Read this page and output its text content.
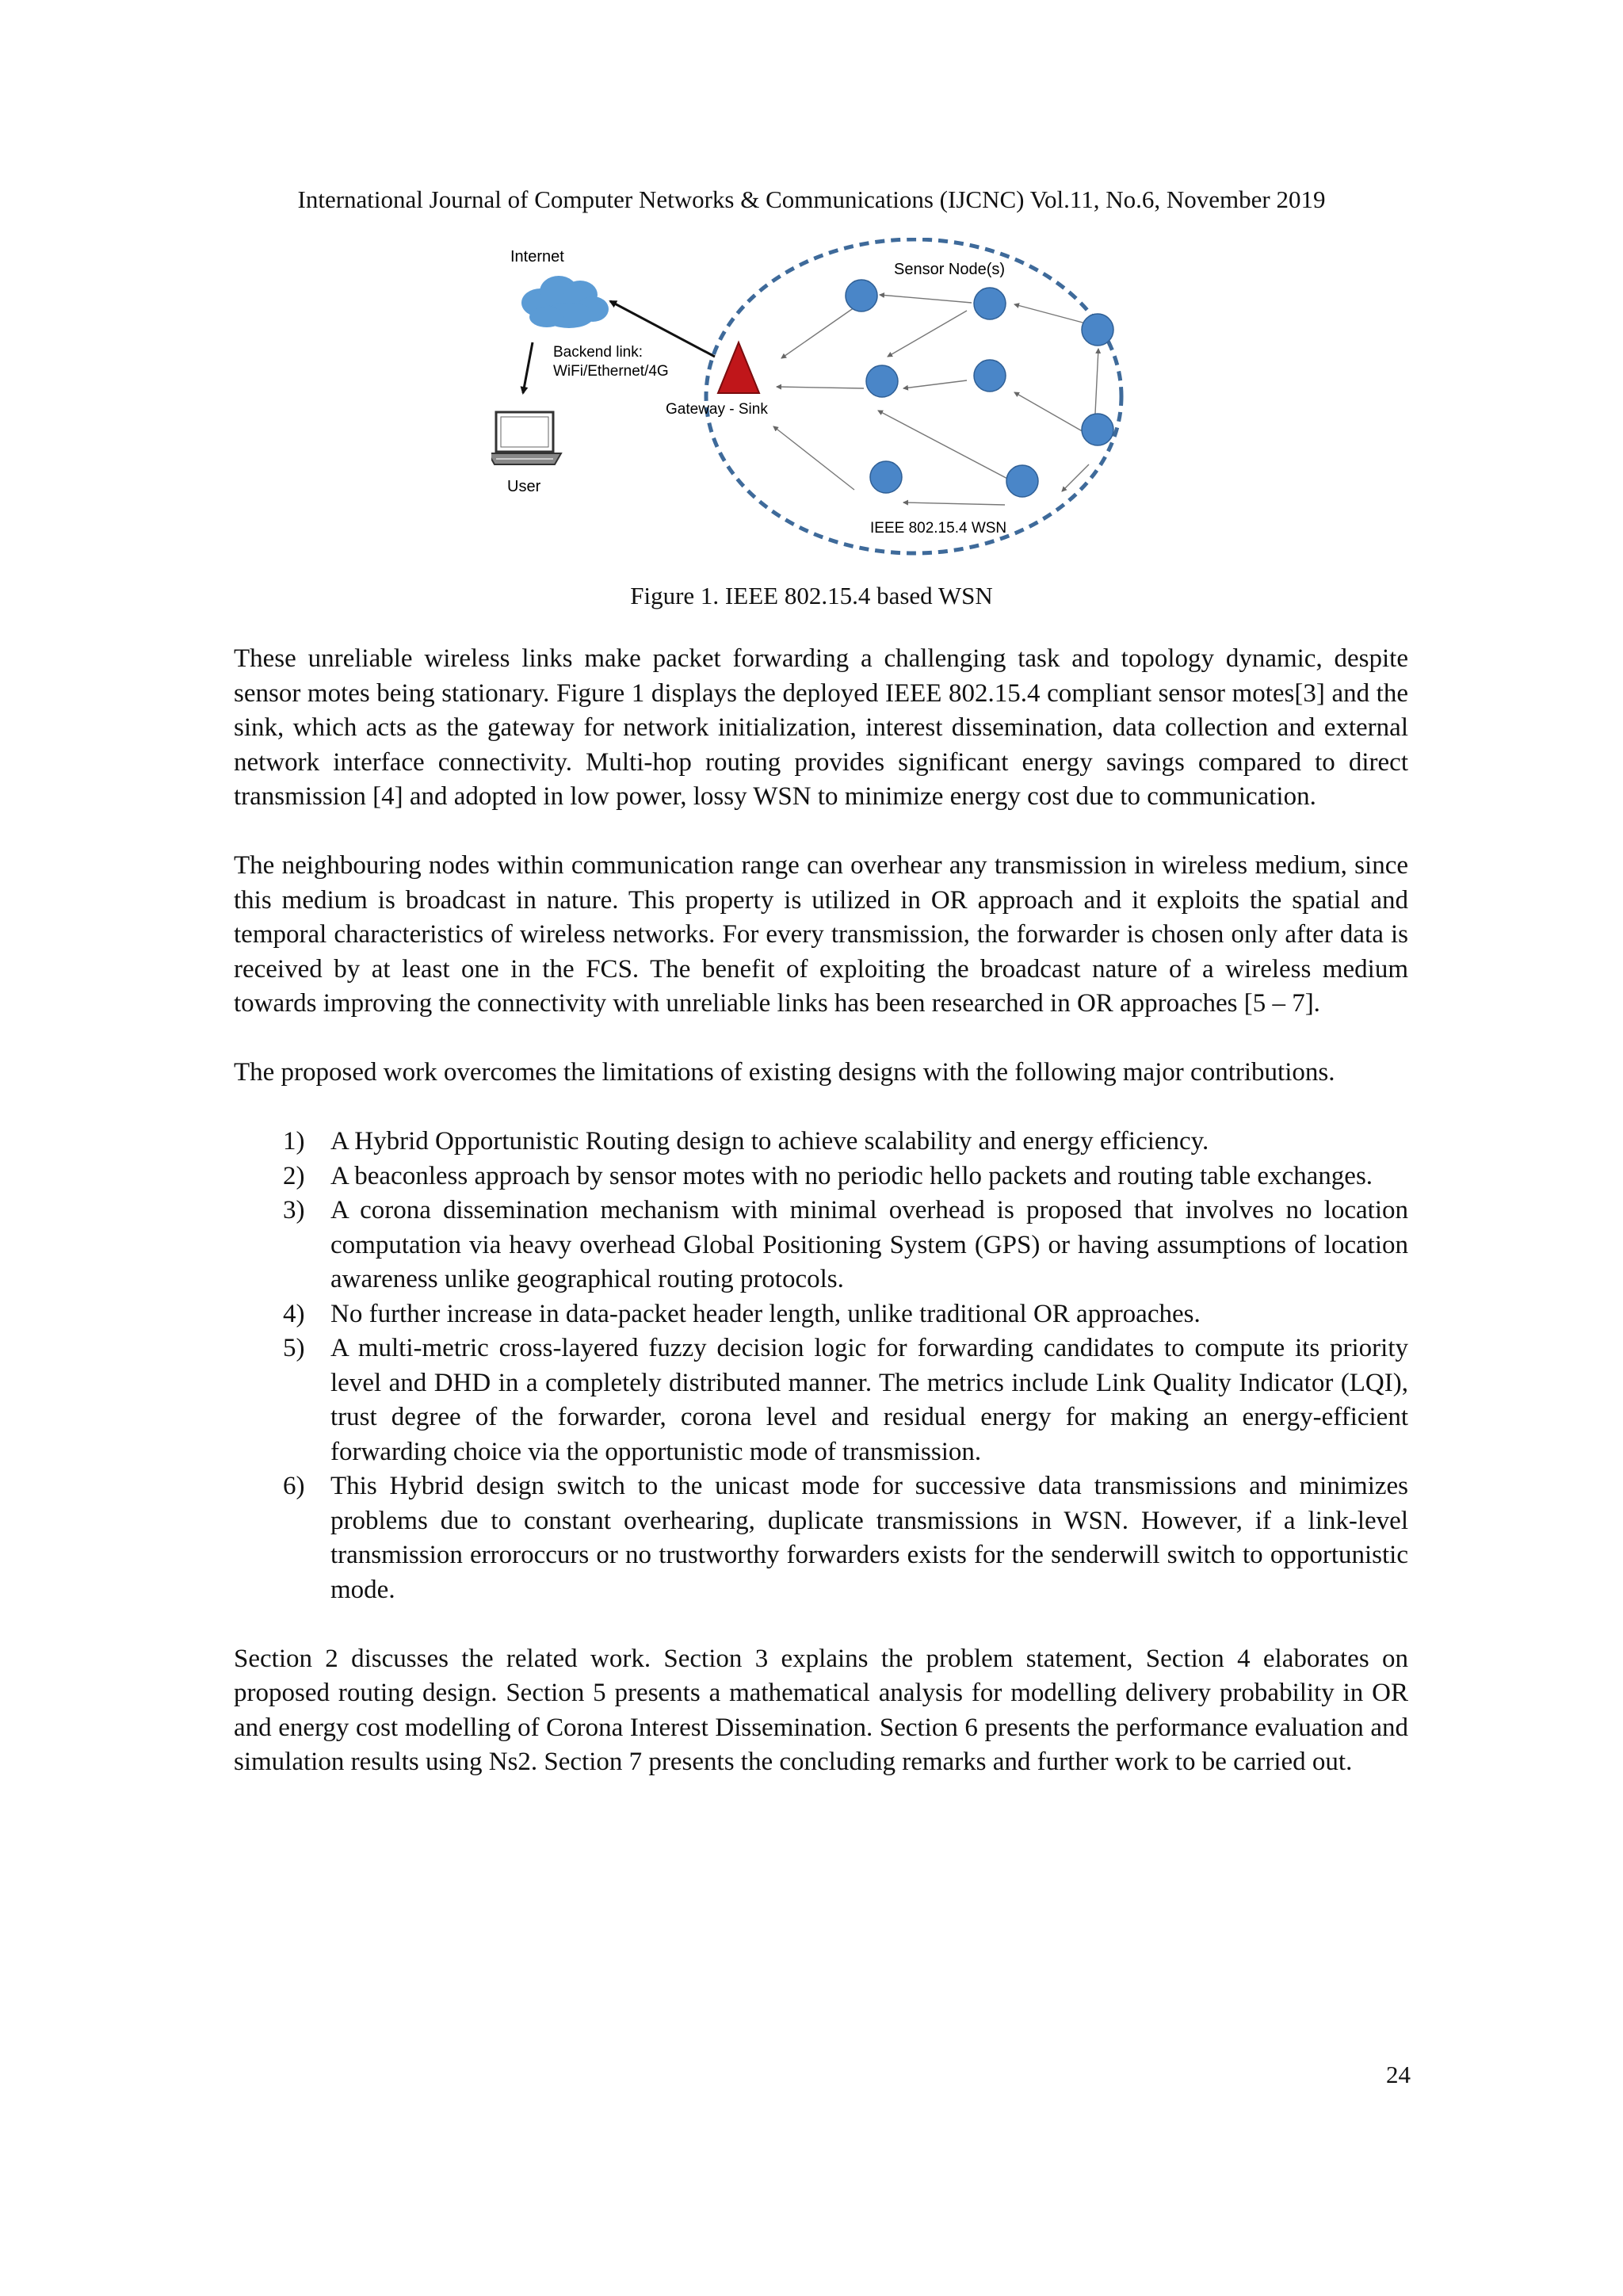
International Journal of Computer Networks & Communications (IJCNC) Vol.11, No.6, November 2019
Internet
User
Backend link:
WiFi/Ethernet/4G
Gateway - Sink
Sensor Node(s)
IEEE 802.15.4 WSN
Figure 1. IEEE 802.15.4 based WSN

These unreliable wireless links make packet forwarding a challenging task and topology dynamic, despite sensor motes being stationary. Figure 1 displays the deployed IEEE 802.15.4 compliant sensor motes[3] and the sink, which acts as the gateway for network initialization, interest dissemination, data collection and external network interface connectivity. Multi-hop routing provides significant energy savings compared to direct transmission [4] and adopted in low power, lossy WSN to minimize energy cost due to communication.

The neighbouring nodes within communication range can overhear any transmission in wireless medium, since this medium is broadcast in nature. This property is utilized in OR approach and it exploits the spatial and temporal characteristics of wireless networks. For every transmission, the forwarder is chosen only after data is received by at least one in the FCS. The benefit of exploiting the broadcast nature of a wireless medium towards improving the connectivity with unreliable links has been researched in OR approaches [5 – 7].

The proposed work overcomes the limitations of existing designs with the following major contributions.

1) A Hybrid Opportunistic Routing design to achieve scalability and energy efficiency.
2) A beaconless approach by sensor motes with no periodic hello packets and routing table exchanges.
3) A corona dissemination mechanism with minimal overhead is proposed that involves no location computation via heavy overhead Global Positioning System (GPS) or having assumptions of location awareness unlike geographical routing protocols.
4) No further increase in data-packet header length, unlike traditional OR approaches.
5) A multi-metric cross-layered fuzzy decision logic for forwarding candidates to compute its priority level and DHD in a completely distributed manner. The metrics include Link Quality Indicator (LQI), trust degree of the forwarder, corona level and residual energy for making an energy-efficient forwarding choice via the opportunistic mode of transmission.
6) This Hybrid design switch to the unicast mode for successive data transmissions and minimizes problems due to constant overhearing, duplicate transmissions in WSN. However, if a link-level transmission erroroccurs or no trustworthy forwarders exists for the senderwill switch to opportunistic mode.

Section 2 discusses the related work. Section 3 explains the problem statement, Section 4 elaborates on proposed routing design. Section 5 presents a mathematical analysis for modelling delivery probability in OR and energy cost modelling of Corona Interest Dissemination. Section 6 presents the performance evaluation and simulation results using Ns2. Section 7 presents the concluding remarks and further work to be carried out.

24
